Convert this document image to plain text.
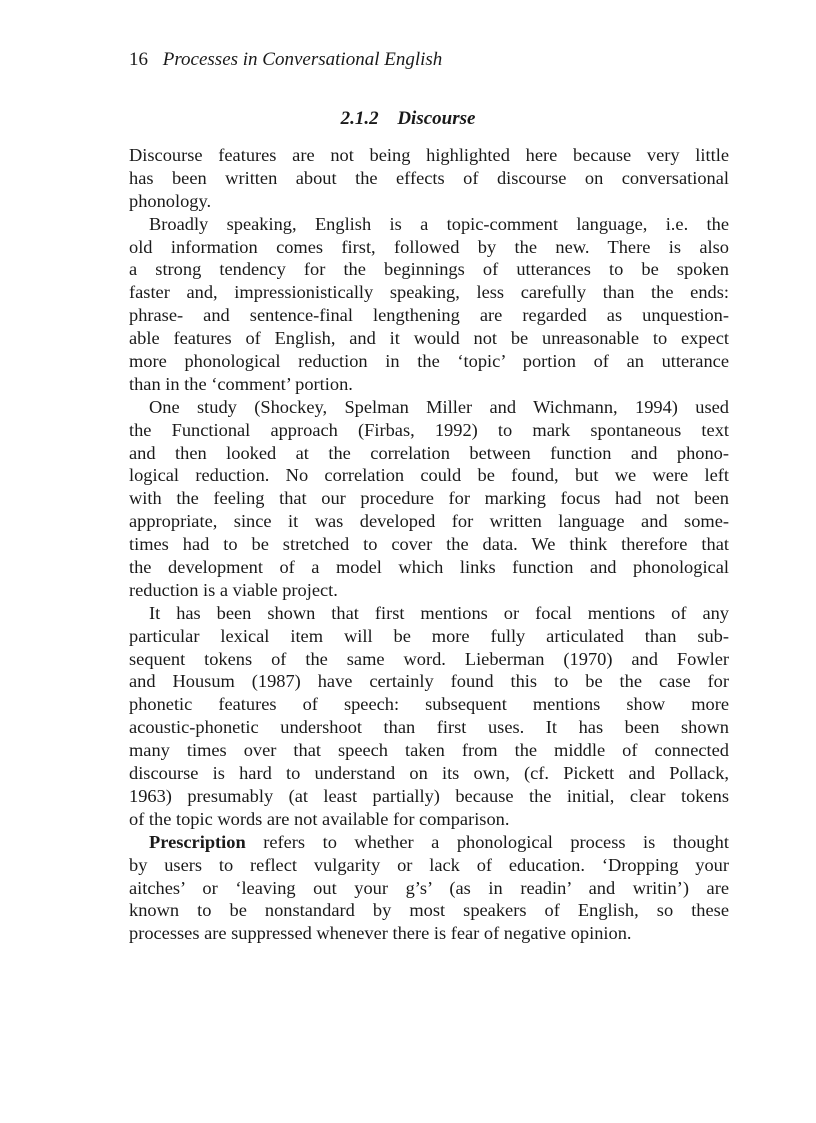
16 Processes in Conversational English
2.1.2 Discourse
Discourse features are not being highlighted here because very little
has been written about the effects of discourse on conversational
phonology.
Broadly speaking, English is a topic-comment language, i.e. the
old information comes first, followed by the new. There is also
a strong tendency for the beginnings of utterances to be spoken
faster and, impressionistically speaking, less carefully than the ends:
phrase- and sentence-final lengthening are regarded as unquestion-
able features of English, and it would not be unreasonable to expect
more phonological reduction in the ‘topic’ portion of an utterance
than in the ‘comment’ portion.
One study (Shockey, Spelman Miller and Wichmann, 1994) used
the Functional approach (Firbas, 1992) to mark spontaneous text
and then looked at the correlation between function and phono-
logical reduction. No correlation could be found, but we were left
with the feeling that our procedure for marking focus had not been
appropriate, since it was developed for written language and some-
times had to be stretched to cover the data. We think therefore that
the development of a model which links function and phonological
reduction is a viable project.
It has been shown that first mentions or focal mentions of any
particular lexical item will be more fully articulated than sub-
sequent tokens of the same word. Lieberman (1970) and Fowler
and Housum (1987) have certainly found this to be the case for
phonetic features of speech: subsequent mentions show more
acoustic-phonetic undershoot than first uses. It has been shown
many times over that speech taken from the middle of connected
discourse is hard to understand on its own, (cf. Pickett and Pollack,
1963) presumably (at least partially) because the initial, clear tokens
of the topic words are not available for comparison.
Prescription refers to whether a phonological process is thought
by users to reflect vulgarity or lack of education. ‘Dropping your
aitches’ or ‘leaving out your g’s’ (as in readin’ and writin’) are
known to be nonstandard by most speakers of English, so these
processes are suppressed whenever there is fear of negative opinion.
